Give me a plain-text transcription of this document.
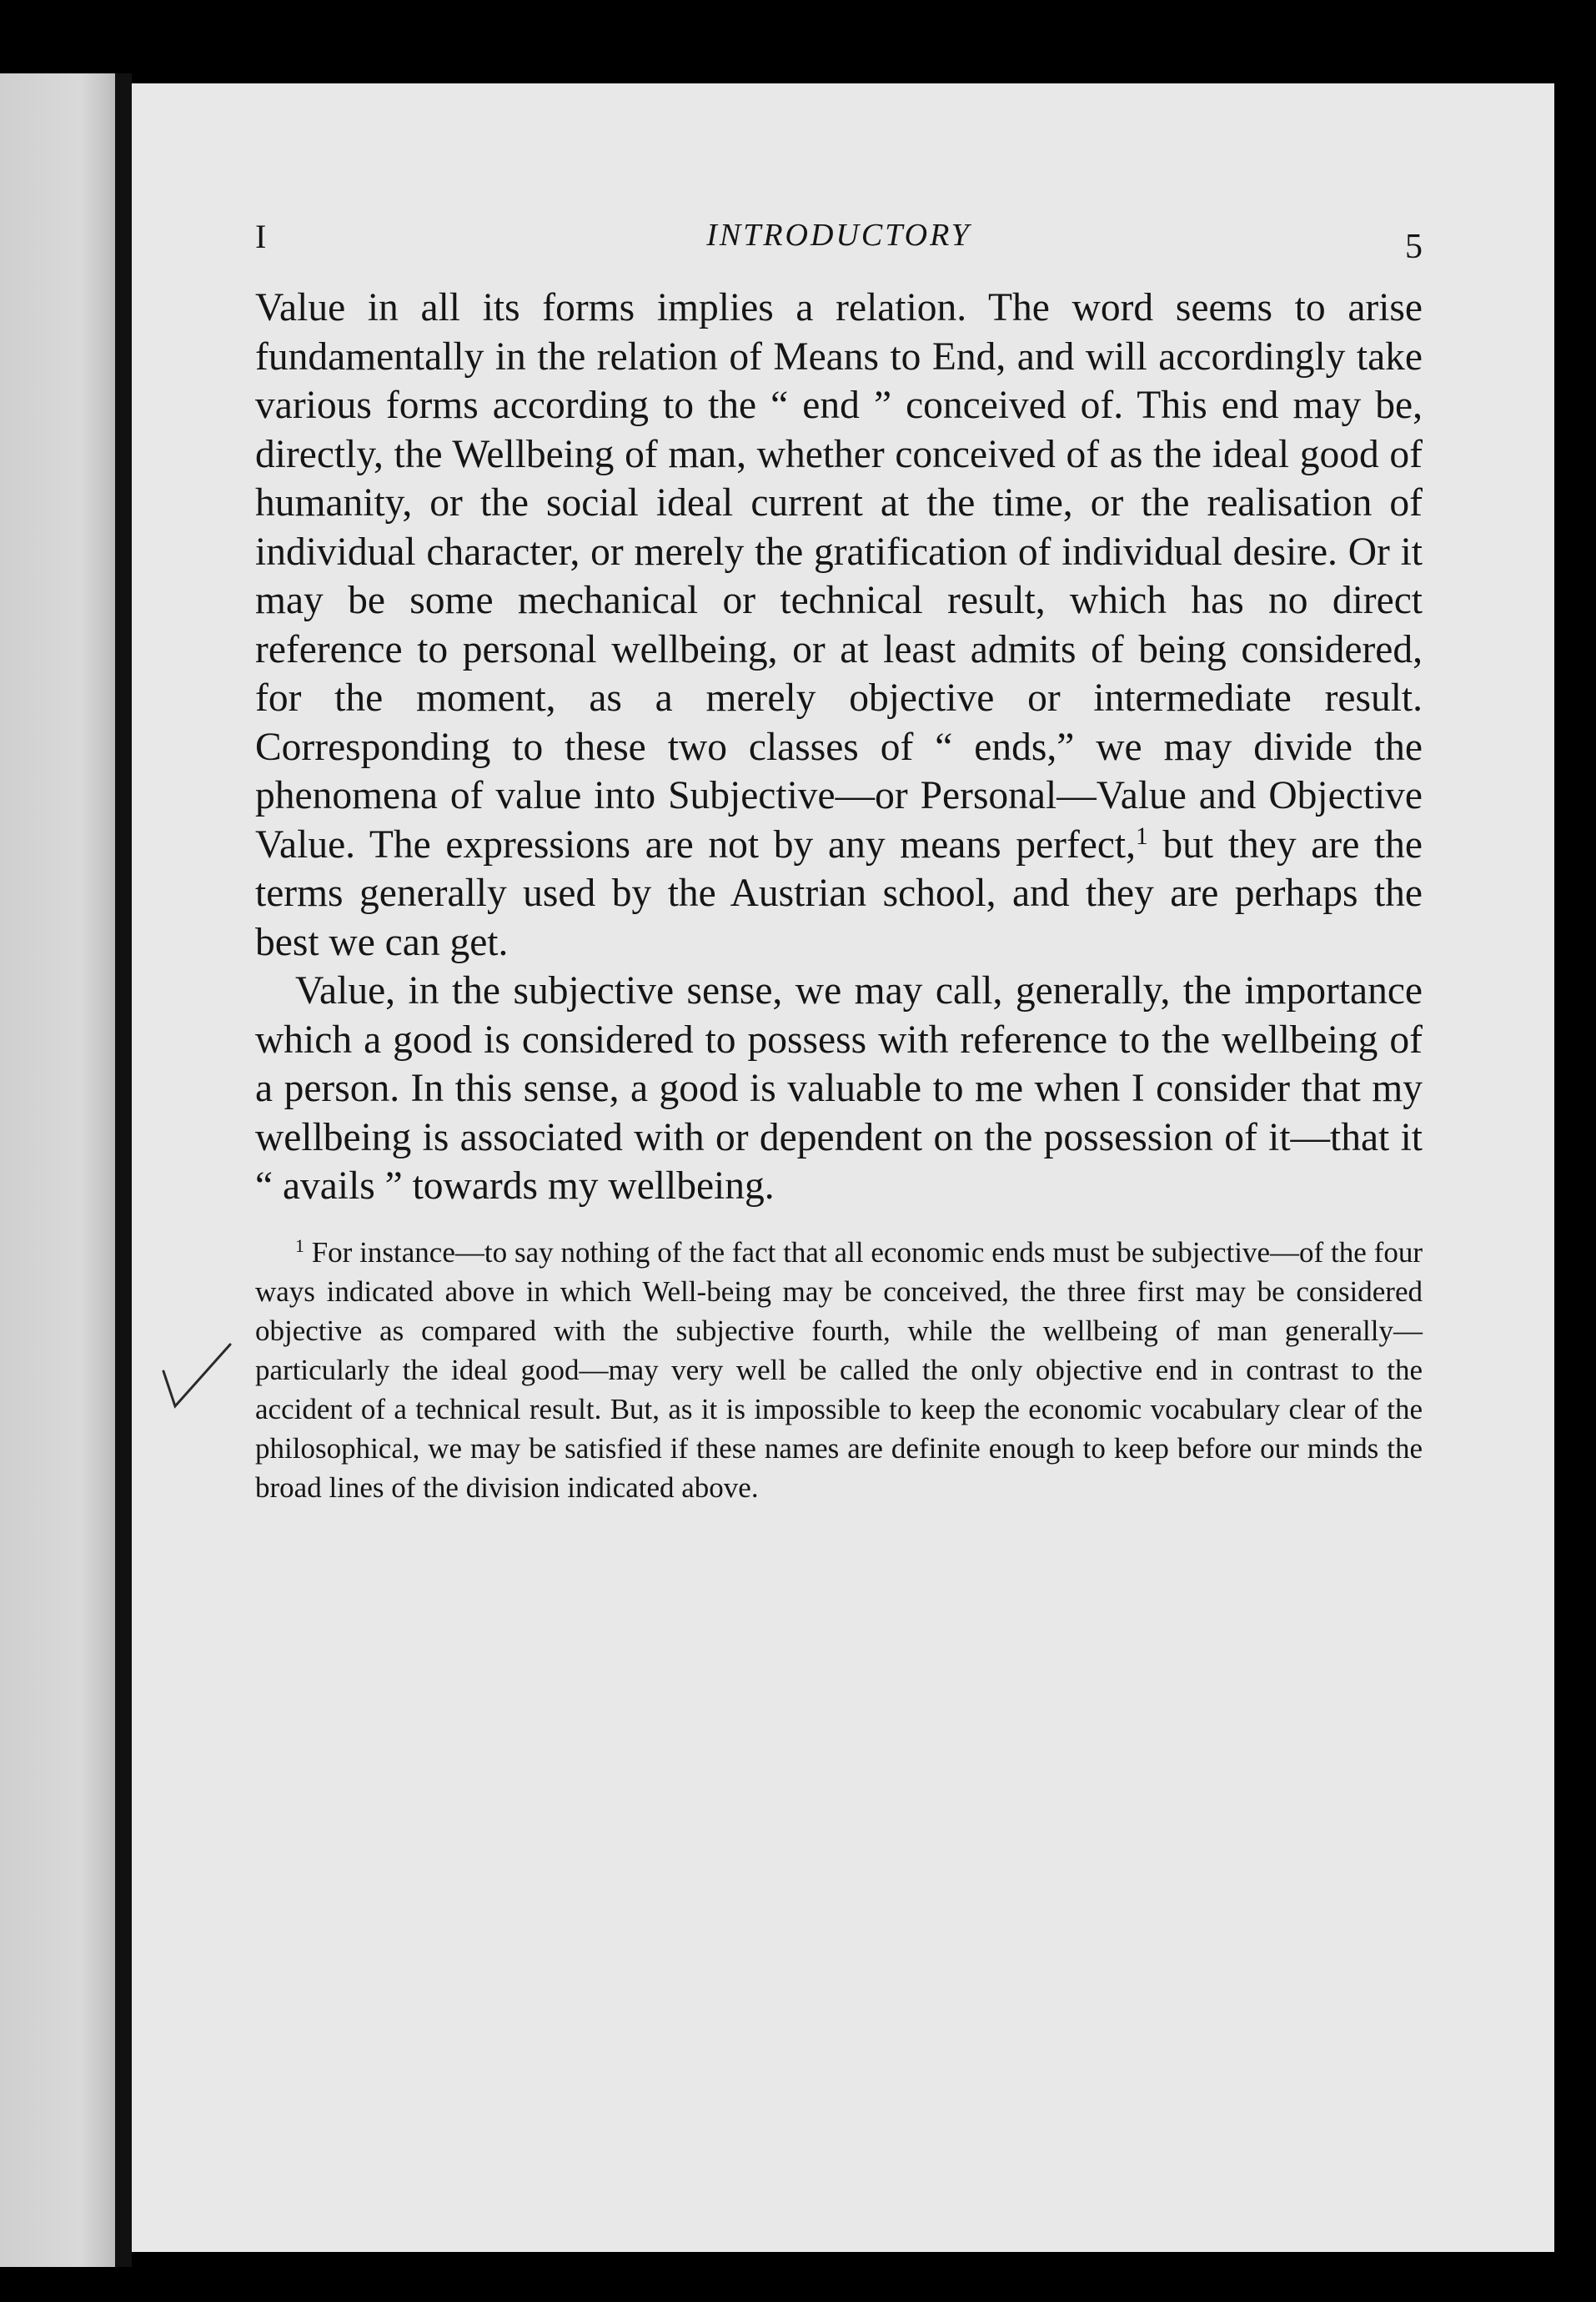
I	INTRODUCTORY	5

Value in all its forms implies a relation. The word seems to arise fundamentally in the relation of Means to End, and will accordingly take various forms according to the “ end ” conceived of. This end may be, directly, the Wellbeing of man, whether conceived of as the ideal good of humanity, or the social ideal current at the time, or the realisation of individual character, or merely the gratification of individual desire. Or it may be some mechanical or technical result, which has no direct reference to personal wellbeing, or at least admits of being considered, for the moment, as a merely objective or intermediate result. Corresponding to these two classes of “ ends,” we may divide the phenomena of value into Subjective—or Personal—Value and Objective Value. The expressions are not by any means perfect,$^1$ but they are the terms generally used by the Austrian school, and they are perhaps the best we can get.

Value, in the subjective sense, we may call, generally, the importance which a good is considered to possess with reference to the wellbeing of a person. In this sense, a good is valuable to me when I consider that my wellbeing is associated with or dependent on the possession of it—that it “ avails ” towards my wellbeing.

$^1$ For instance—to say nothing of the fact that all economic ends must be subjective—of the four ways indicated above in which Well-being may be conceived, the three first may be considered objective as compared with the subjective fourth, while the wellbeing of man generally—particularly the ideal good—may very well be called the only objective end in contrast to the accident of a technical result. But, as it is impossible to keep the economic vocabulary clear of the philosophical, we may be satisfied if these names are definite enough to keep before our minds the broad lines of the division indicated above.
